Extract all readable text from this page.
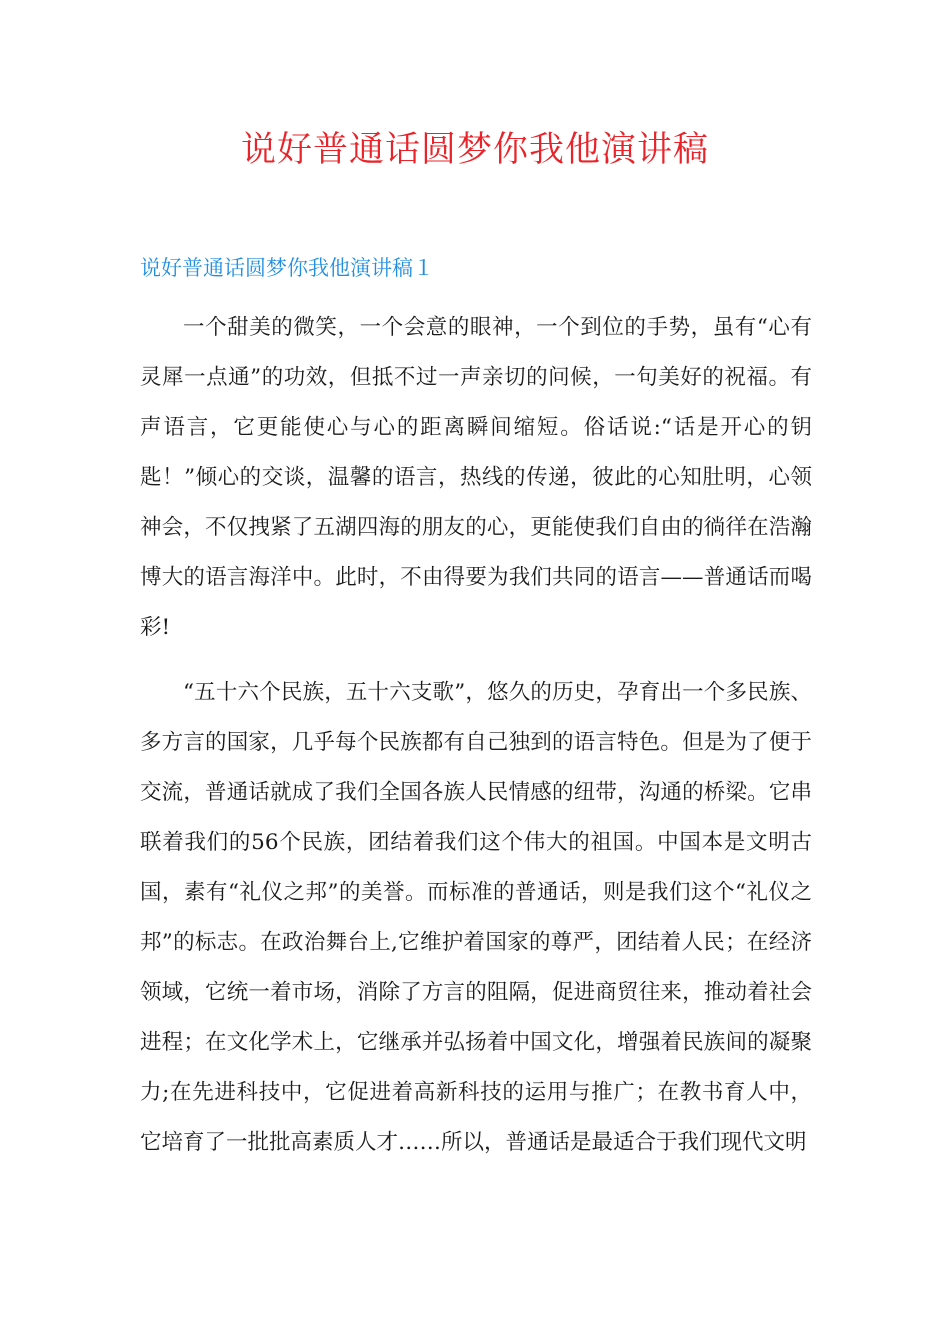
说好普通话圆梦你我他演讲稿
说好普通话圆梦你我他演讲稿１

一个甜美的微笑，一个会意的眼神，一个到位的手势，虽有“心有灵犀一点通”的功效，但抵不过一声亲切的问候，一句美好的祝福。有声语言，它更能使心与心的距离瞬间缩短。俗话说:“话是开心的钥匙！”倾心的交谈，温馨的语言，热线的传递，彼此的心知肚明，心领神会，不仅拽紧了五湖四海的朋友的心，更能使我们自由的徜徉在浩瀚博大的语言海洋中。此时，不由得要为我们共同的语言——普通话而喝彩!

“五十六个民族，五十六支歌”，悠久的历史，孕育出一个多民族、多方言的国家，几乎每个民族都有自己独到的语言特色。但是为了便于交流，普通话就成了我们全国各族人民情感的纽带，沟通的桥梁。它串联着我们的56个民族，团结着我们这个伟大的祖国。中国本是文明古国，素有“礼仪之邦”的美誉。而标准的普通话，则是我们这个“礼仪之邦”的标志。在政治舞台上,它维护着国家的尊严，团结着人民；在经济领域，它统一着市场，消除了方言的阻隔，促进商贸往来，推动着社会进程；在文化学术上，它继承并弘扬着中国文化，增强着民族间的凝聚力;在先进科技中，它促进着高新科技的运用与推广；在教书育人中，它培育了一批批高素质人才……所以，普通话是最适合于我们现代文明
